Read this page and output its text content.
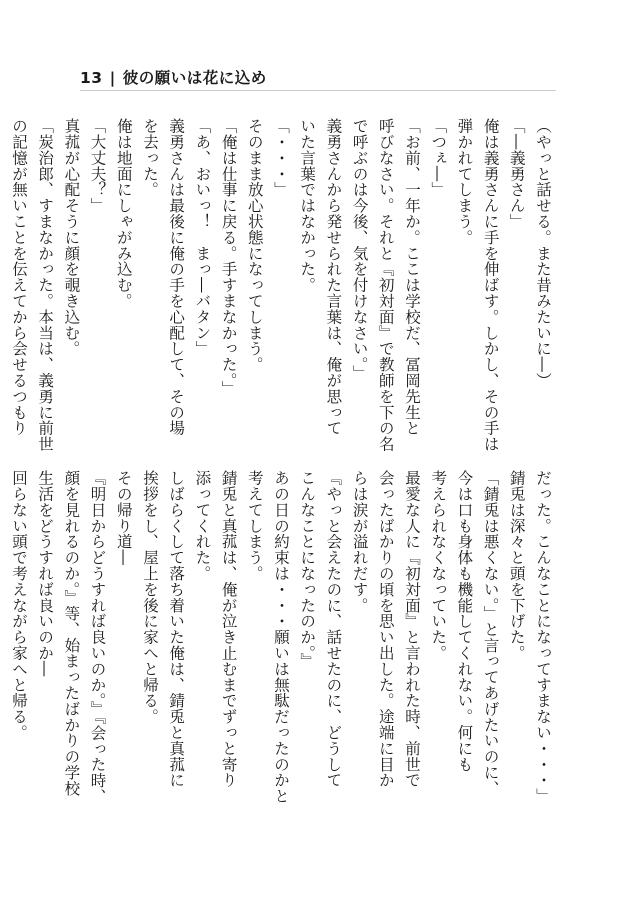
13 | 彼の願いは花に込め
（やっと話せる。また昔みたいに―）
「―義勇さん」
俺は義勇さんに手を伸ばす。しかし、その手は
弾かれてしまう。
「つぇ―」
「お前、一年か。ここは学校だ、冨岡先生と
呼びなさい。それと『初対面』で教師を下の名
で呼ぶのは今後、気を付けなさい。」
義勇さんから発せられた言葉は、俺が思って
いた言葉ではなかった。
「・・・」
そのまま放心状態になってしまう。
「俺は仕事に戻る。手すまなかった。」
「あ、おいっ！　まっ―バタン」
義勇さんは最後に俺の手を心配して、その場
を去った。
俺は地面にしゃがみ込む。
「大丈夫？」
真菰が心配そうに顔を覗き込む。
「炭治郎、すまなかった。本当は、義勇に前世
の記憶が無いことを伝えてから会せるつもり
だった。こんなことになってすまない・・・」
錆兎は深々と頭を下げた。
「錆兎は悪くない。」と言ってあげたいのに、
今は口も身体も機能してくれない。何にも
考えられなくなっていた。
最愛な人に『初対面』と言われた時、前世で
会ったばかりの頃を思い出した。途端に目か
らは涙が溢れだす。
『やっと会えたのに、話せたのに、どうして
こんなことになったのか。』
あの日の約束は・・・願いは無駄だったのかと
考えてしまう。
錆兎と真菰は、俺が泣き止むまでずっと寄り
添ってくれた。
しばらくして落ち着いた俺は、錆兎と真菰に
挨拶をし、屋上を後に家へと帰る。
その帰り道―
『明日からどうすれば良いのか。』『会った時、
顔を見れるのか。』等、始まったばかりの学校
生活をどうすれば良いのか―
回らない頭で考えながら家へと帰る。
